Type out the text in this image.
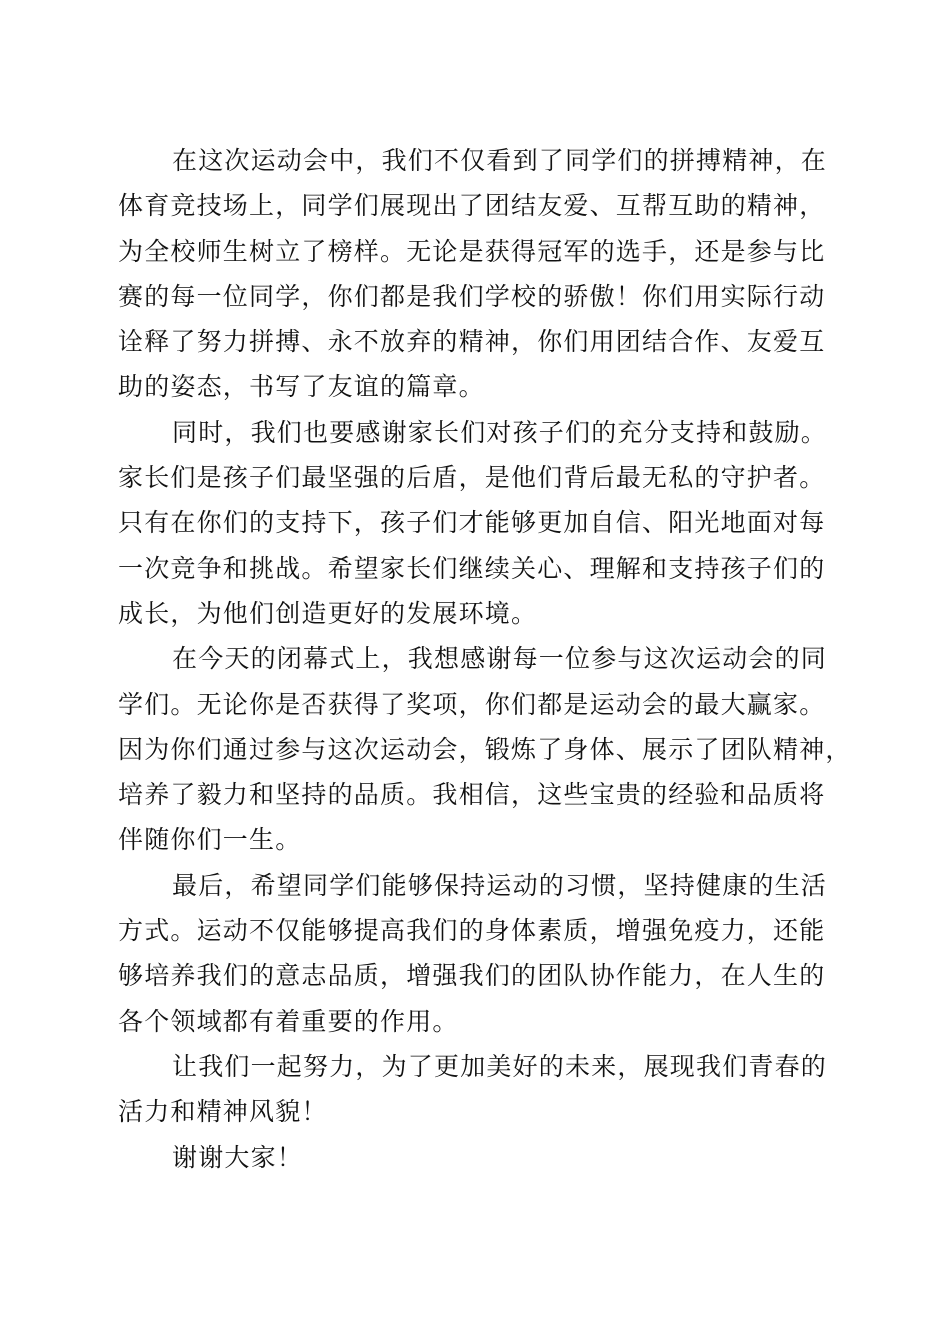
在这次运动会中，我们不仅看到了同学们的拼搏精神，在
体育竞技场上，同学们展现出了团结友爱、互帮互助的精神，
为全校师生树立了榜样。无论是获得冠军的选手，还是参与比
赛的每一位同学，你们都是我们学校的骄傲！你们用实际行动
诠释了努力拼搏、永不放弃的精神，你们用团结合作、友爱互
助的姿态，书写了友谊的篇章。
同时，我们也要感谢家长们对孩子们的充分支持和鼓励。
家长们是孩子们最坚强的后盾，是他们背后最无私的守护者。
只有在你们的支持下，孩子们才能够更加自信、阳光地面对每
一次竞争和挑战。希望家长们继续关心、理解和支持孩子们的
成长，为他们创造更好的发展环境。
在今天的闭幕式上，我想感谢每一位参与这次运动会的同
学们。无论你是否获得了奖项，你们都是运动会的最大赢家。
因为你们通过参与这次运动会，锻炼了身体、展示了团队精神，
培养了毅力和坚持的品质。我相信，这些宝贵的经验和品质将
伴随你们一生。
最后，希望同学们能够保持运动的习惯，坚持健康的生活
方式。运动不仅能够提高我们的身体素质，增强免疫力，还能
够培养我们的意志品质，增强我们的团队协作能力，在人生的
各个领域都有着重要的作用。
让我们一起努力，为了更加美好的未来，展现我们青春的
活力和精神风貌！
谢谢大家！
